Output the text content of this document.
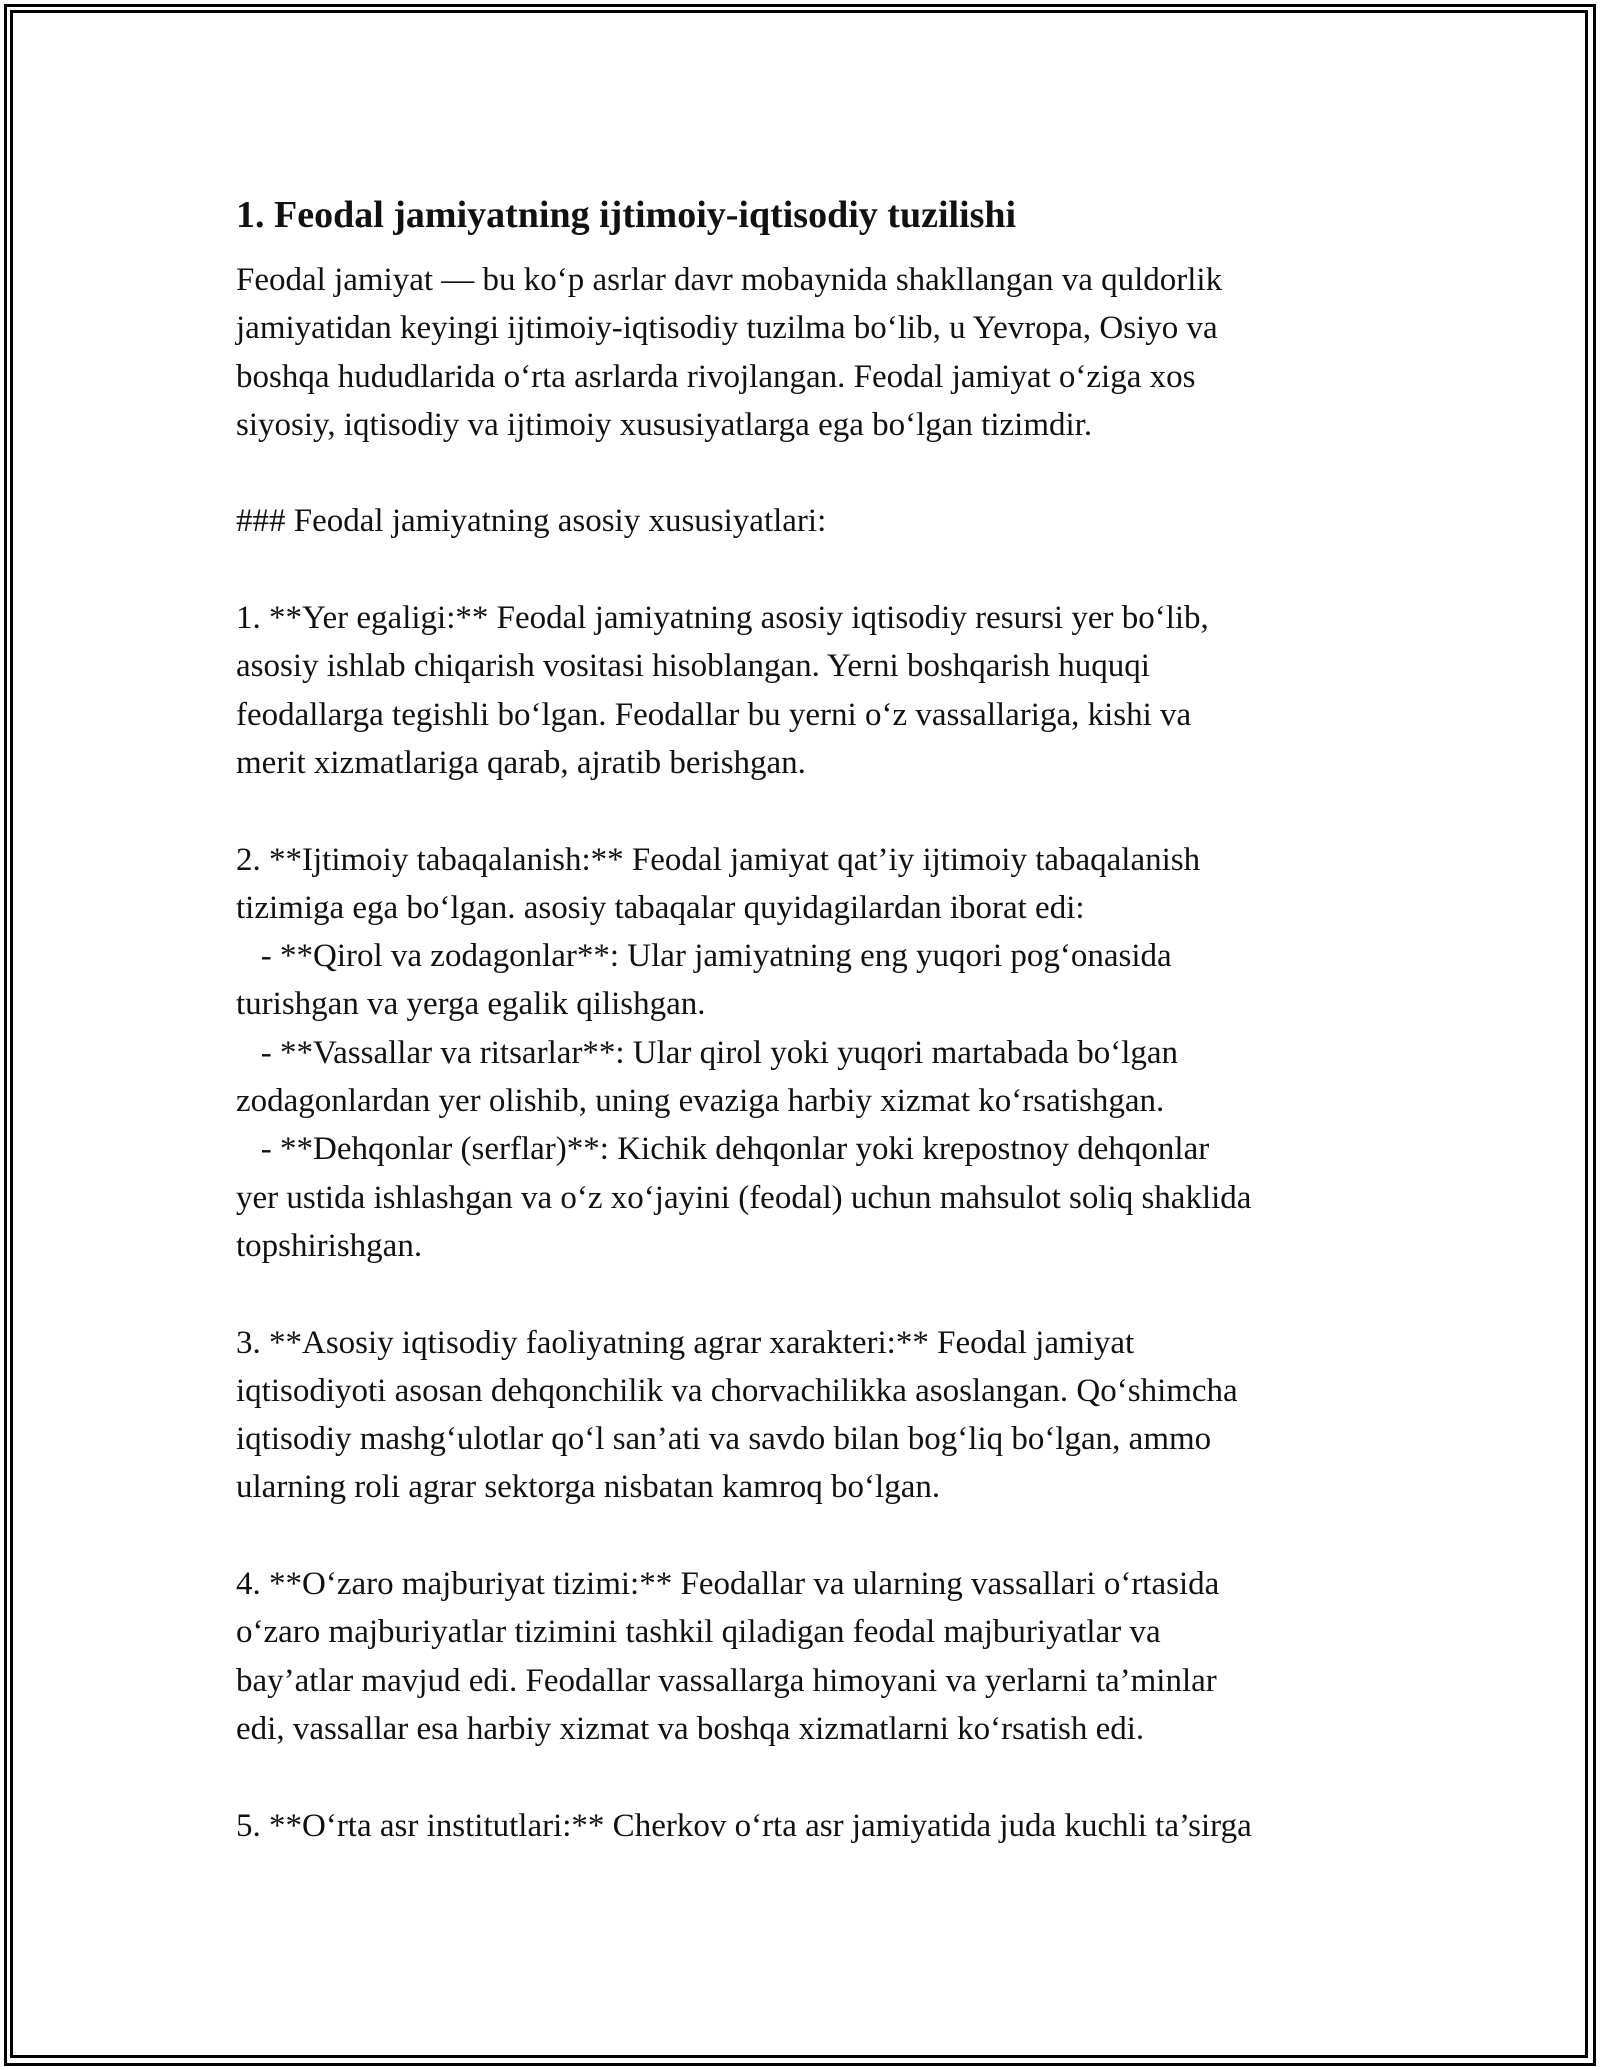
1. Feodal jamiyatning ijtimoiy-iqtisodiy tuzilishi
Feodal jamiyat — bu ko‘p asrlar davr mobaynida shakllangan va quldorlik
jamiyatidan keyingi ijtimoiy-iqtisodiy tuzilma bo‘lib, u Yevropa, Osiyo va
boshqa hududlarida o‘rta asrlarda rivojlangan. Feodal jamiyat o‘ziga xos
siyosiy, iqtisodiy va ijtimoiy xususiyatlarga ega bo‘lgan tizimdir.
### Feodal jamiyatning asosiy xususiyatlari:
1. **Yer egaligi:** Feodal jamiyatning asosiy iqtisodiy resursi yer bo‘lib,
asosiy ishlab chiqarish vositasi hisoblangan. Yerni boshqarish huquqi
feodallarga tegishli bo‘lgan. Feodallar bu yerni o‘z vassallariga, kishi va
merit xizmatlariga qarab, ajratib berishgan.
2. **Ijtimoiy tabaqalanish:** Feodal jamiyat qat’iy ijtimoiy tabaqalanish
tizimiga ega bo‘lgan. asosiy tabaqalar quyidagilardan iborat edi:
- **Qirol va zodagonlar**: Ular jamiyatning eng yuqori pog‘onasida
turishgan va yerga egalik qilishgan.
- **Vassallar va ritsarlar**: Ular qirol yoki yuqori martabada bo‘lgan
zodagonlardan yer olishib, uning evaziga harbiy xizmat ko‘rsatishgan.
- **Dehqonlar (serflar)**: Kichik dehqonlar yoki krepostnoy dehqonlar
yer ustida ishlashgan va o‘z xo‘jayini (feodal) uchun mahsulot soliq shaklida
topshirishgan.
3. **Asosiy iqtisodiy faoliyatning agrar xarakteri:** Feodal jamiyat
iqtisodiyoti asosan dehqonchilik va chorvachilikka asoslangan. Qo‘shimcha
iqtisodiy mashg‘ulotlar qo‘l san’ati va savdo bilan bog‘liq bo‘lgan, ammo
ularning roli agrar sektorga nisbatan kamroq bo‘lgan.
4. **O‘zaro majburiyat tizimi:** Feodallar va ularning vassallari o‘rtasida
o‘zaro majburiyatlar tizimini tashkil qiladigan feodal majburiyatlar va
bay’atlar mavjud edi. Feodallar vassallarga himoyani va yerlarni ta’minlar
edi, vassallar esa harbiy xizmat va boshqa xizmatlarni ko‘rsatish edi.
5. **O‘rta asr institutlari:** Cherkov o‘rta asr jamiyatida juda kuchli ta’sirga
